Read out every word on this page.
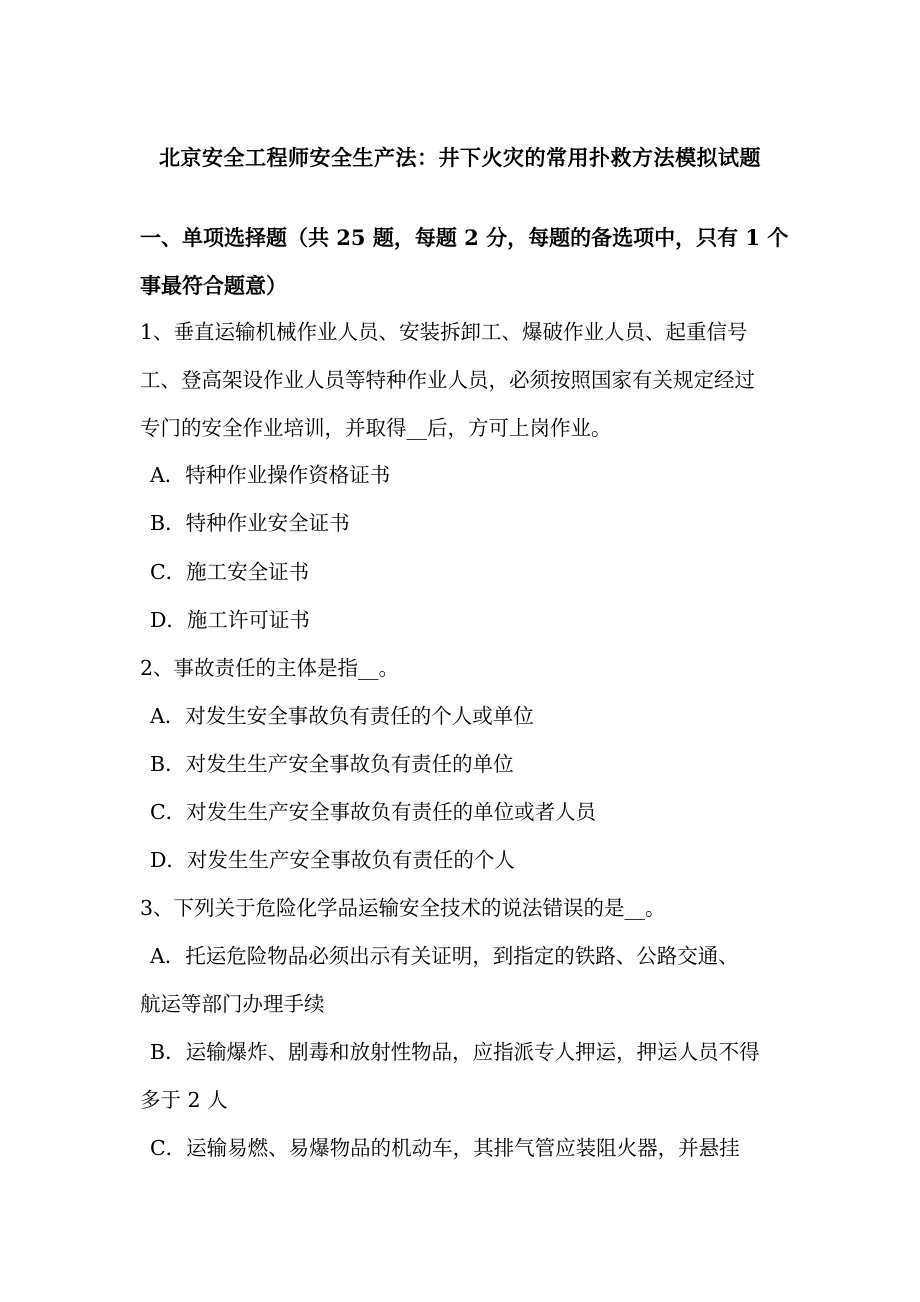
北京安全工程师安全生产法：井下火灾的常用扑救方法模拟试题
一、单项选择题（共 25 题，每题 2 分，每题的备选项中，只有 1 个
事最符合题意）
1、垂直运输机械作业人员、安装拆卸工、爆破作业人员、起重信号
工、登高架设作业人员等特种作业人员，必须按照国家有关规定经过
专门的安全作业培训，并取得__后，方可上岗作业。
A．特种作业操作资格证书
B．特种作业安全证书
C．施工安全证书
D．施工许可证书
2、事故责任的主体是指__。
A．对发生安全事故负有责任的个人或单位
B．对发生生产安全事故负有责任的单位
C．对发生生产安全事故负有责任的单位或者人员
D．对发生生产安全事故负有责任的个人
3、下列关于危险化学品运输安全技术的说法错误的是__。
A．托运危险物品必须出示有关证明，到指定的铁路、公路交通、
航运等部门办理手续
B．运输爆炸、剧毒和放射性物品，应指派专人押运，押运人员不得
多于 2 人
C．运输易燃、易爆物品的机动车，其排气管应装阻火器，并悬挂
